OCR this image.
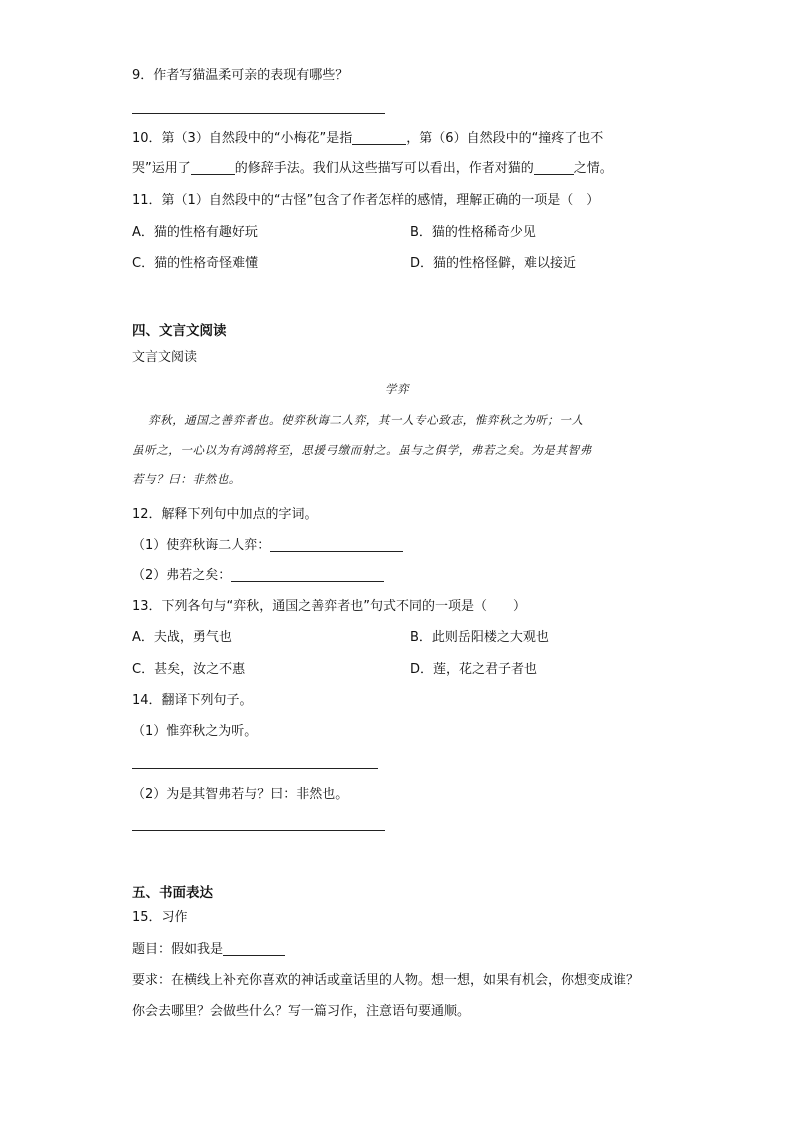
9．作者写猫温柔可亲的表现有哪些？
10．第（3）自然段中的“小梅花”是指	，第（6）自然段中的“撞疼了也不
哭”运用了	的修辞手法。我们从这些描写可以看出，作者对猫的	之情。
11．第（1）自然段中的“古怪”包含了作者怎样的感情，理解正确的一项是（　）
A．猫的性格有趣好玩	B．猫的性格稀奇少见
C．猫的性格奇怪难懂	D．猫的性格怪僻，难以接近
四、文言文阅读
文言文阅读
学弈
弈秋，通国之善弈者也。使弈秋诲二人弈，其一人专心致志，惟弈秋之为听；一人
虽听之，一心以为有鸿鹄将至，思援弓缴而射之。虽与之俱学，弗若之矣。为是其智弗
若与？曰：非然也。
12．解释下列句中加点的字词。
（1）使弈秋诲二人弈：
（2）弗若之矣：
13．下列各句与“弈秋，通国之善弈者也”句式不同的一项是（　　）
A．夫战，勇气也	B．此则岳阳楼之大观也
C．甚矣，汝之不惠	D．莲，花之君子者也
14．翻译下列句子。
（1）惟弈秋之为听。
（2）为是其智弗若与？曰：非然也。
五、书面表达
15．习作
题目：假如我是
要求：在横线上补充你喜欢的神话或童话里的人物。想一想，如果有机会，你想变成谁？
你会去哪里？会做些什么？写一篇习作，注意语句要通顺。
